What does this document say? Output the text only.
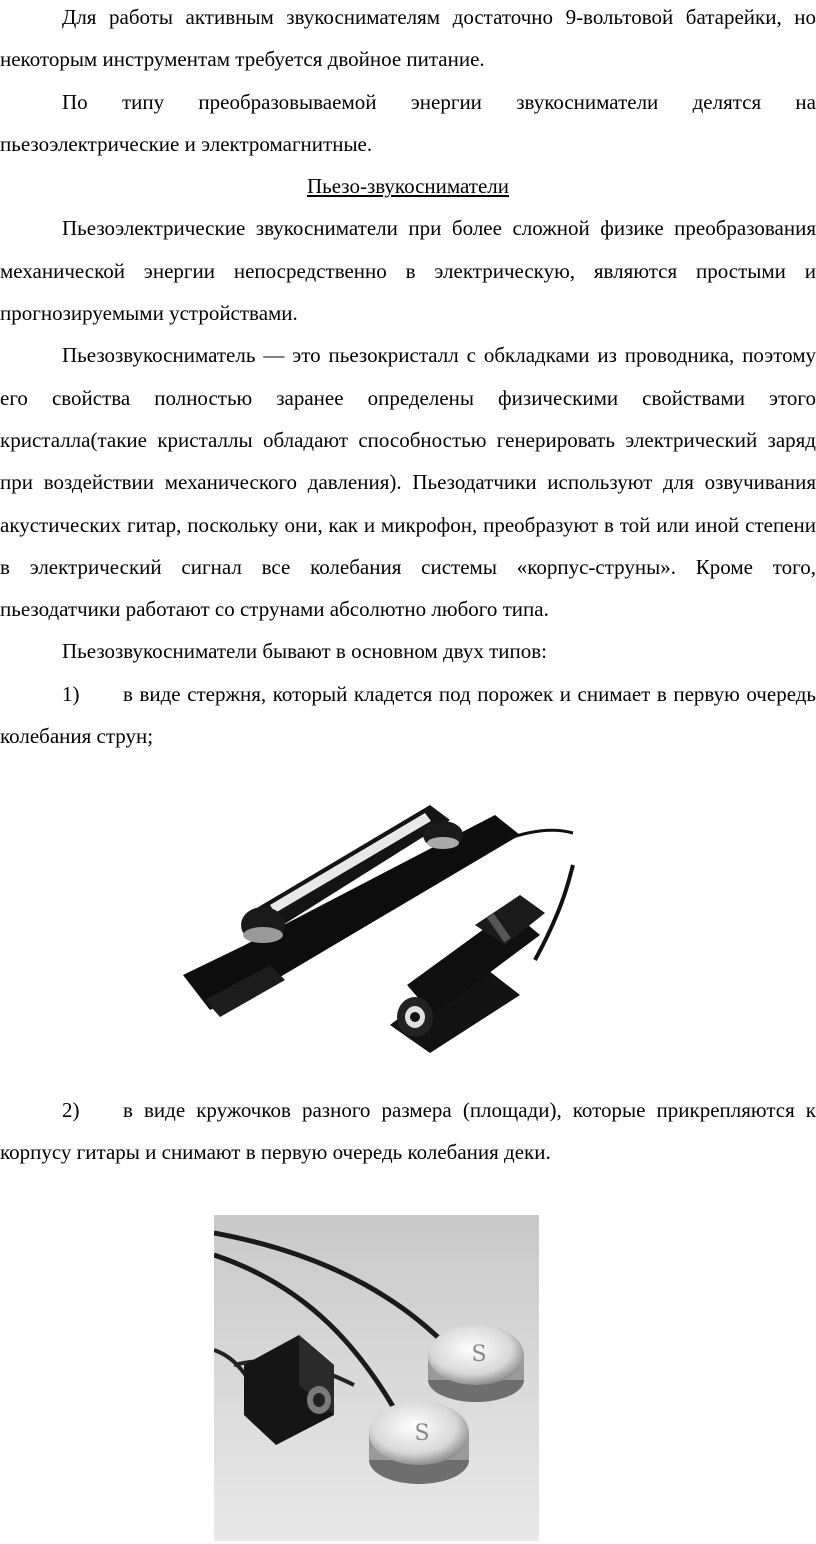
Для работы активным звукоснимателям достаточно 9-вольтовой батарейки, но некоторым инструментам требуется двойное питание.

По типу преобразовываемой энергии звукосниматели делятся на пьезоэлектрические и электромагнитные.

Пьезо-звукосниматели

Пьезоэлектрические звукосниматели при более сложной физике преобразования механической энергии непосредственно в электрическую, являются простыми и прогнозируемыми устройствами.

Пьезозвукосниматель — это пьезокристалл с обкладками из проводника, поэтому его свойства полностью заранее определены физическими свойствами этого кристалла(такие кристаллы обладают способностью генерировать электрический заряд при воздействии механического давления). Пьезодатчики используют для озвучивания акустических гитар, поскольку они, как и микрофон, преобразуют в той или иной степени в электрический сигнал все колебания системы «корпус-струны». Кроме того, пьезодатчики работают со струнами абсолютно любого типа.

Пьезозвукосниматели бывают в основном двух типов:

1) в виде стержня, который кладется под порожек и снимает в первую очередь колебания струн;

2) в виде кружочков разного размера (площади), которые прикрепляются к корпусу гитары и снимают в первую очередь колебания деки.

S
S
